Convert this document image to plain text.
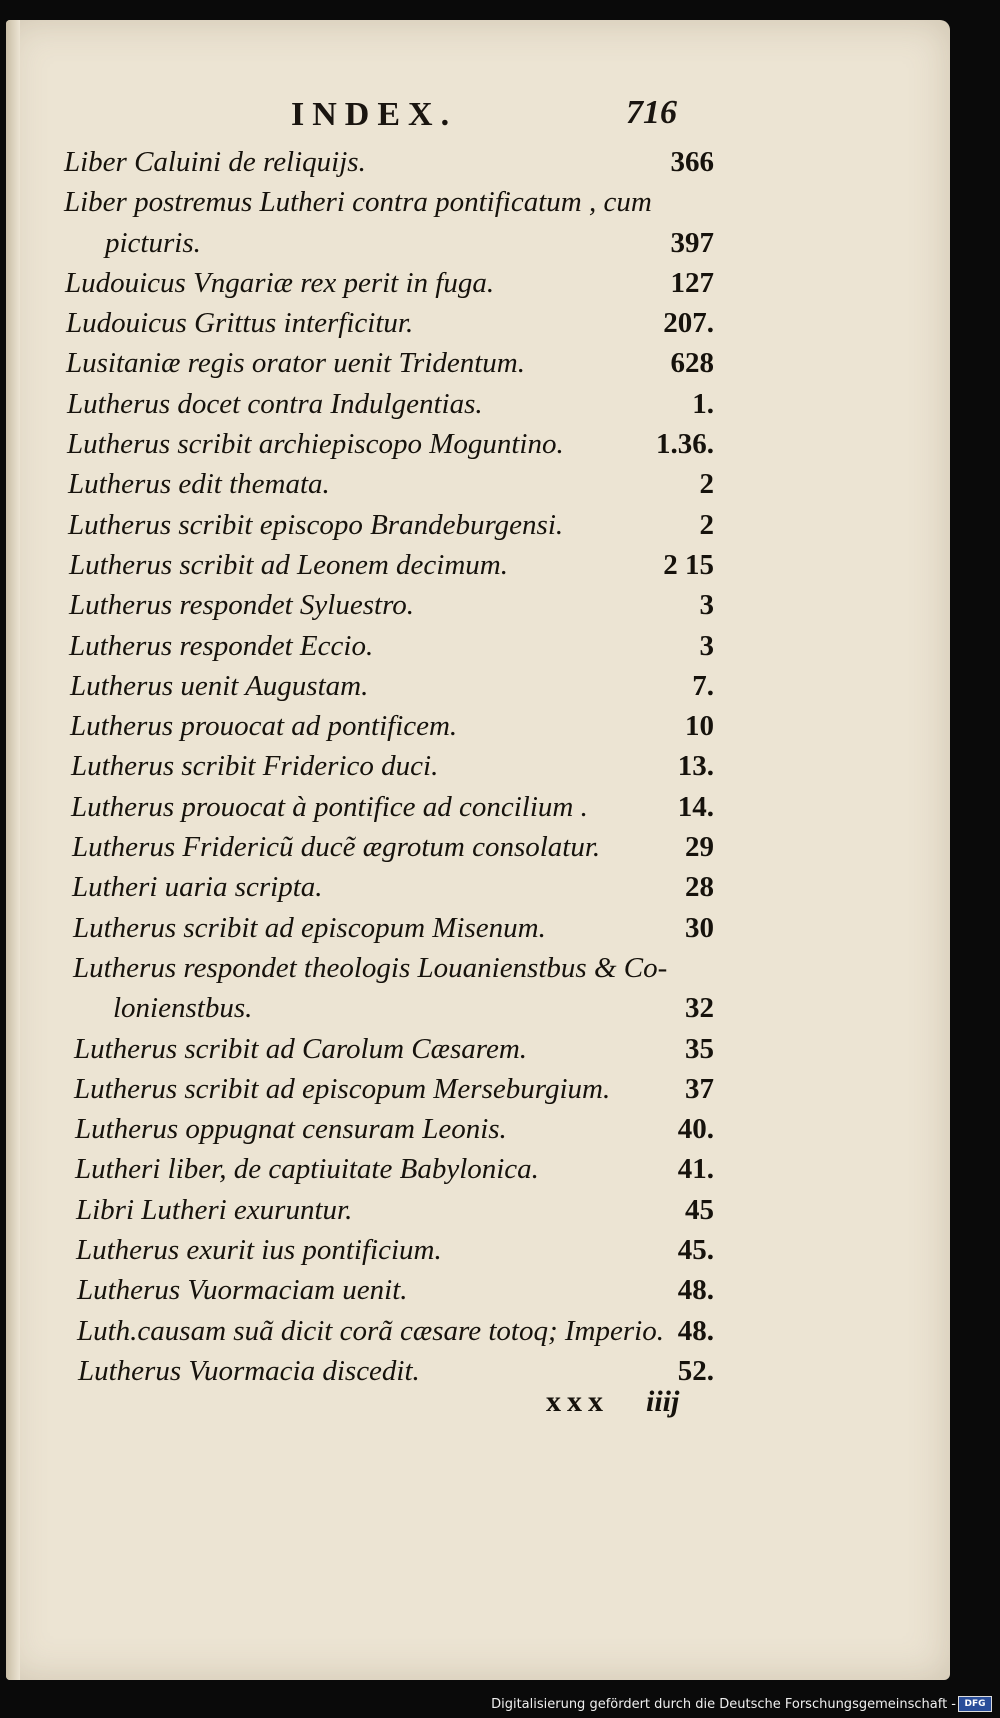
INDEX.	716
Liber Caluini de reliquijs.	366
Liber postremus Lutheri contra pontificatum , cum
picturis.	397
Ludouicus Vngariæ rex perit in fuga.	127
Ludouicus Grittus interficitur.	207.
Lusitaniæ regis orator uenit Tridentum.	628
Lutherus docet contra Indulgentias.	1.
Lutherus scribit archiepiscopo Moguntino.	1.36.
Lutherus edit themata.	2
Lutherus scribit episcopo Brandeburgensi.	2
Lutherus scribit ad Leonem decimum.	2 15
Lutherus respondet Syluestro.	3
Lutherus respondet Eccio.	3
Lutherus uenit Augustam.	7.
Lutherus prouocat ad pontificem.	10
Lutherus scribit Friderico duci.	13.
Lutherus prouocat à pontifice ad concilium .	14.
Lutherus Fridericũ ducẽ ægrotum consolatur.	29
Lutheri uaria scripta.	28
Lutherus scribit ad episcopum Misenum.	30
Lutherus respondet theologis Louanienstbus & Co-
lonienstbus.	32
Lutherus scribit ad Carolum Cæsarem.	35
Lutherus scribit ad episcopum Merseburgium.	37
Lutherus oppugnat censuram Leonis.	40.
Lutheri liber, de captiuitate Babylonica.	41.
Libri Lutheri exuruntur.	45
Lutherus exurit ius pontificium.	45.
Lutherus Vuormaciam uenit.	48.
Luth.causam suã dicit corã cæsare totoq; Imperio. 48.
Lutherus Vuormacia discedit.	52.
xxx iiij
Digitalisierung gefördert durch die Deutsche Forschungsgemeinschaft - DFG
